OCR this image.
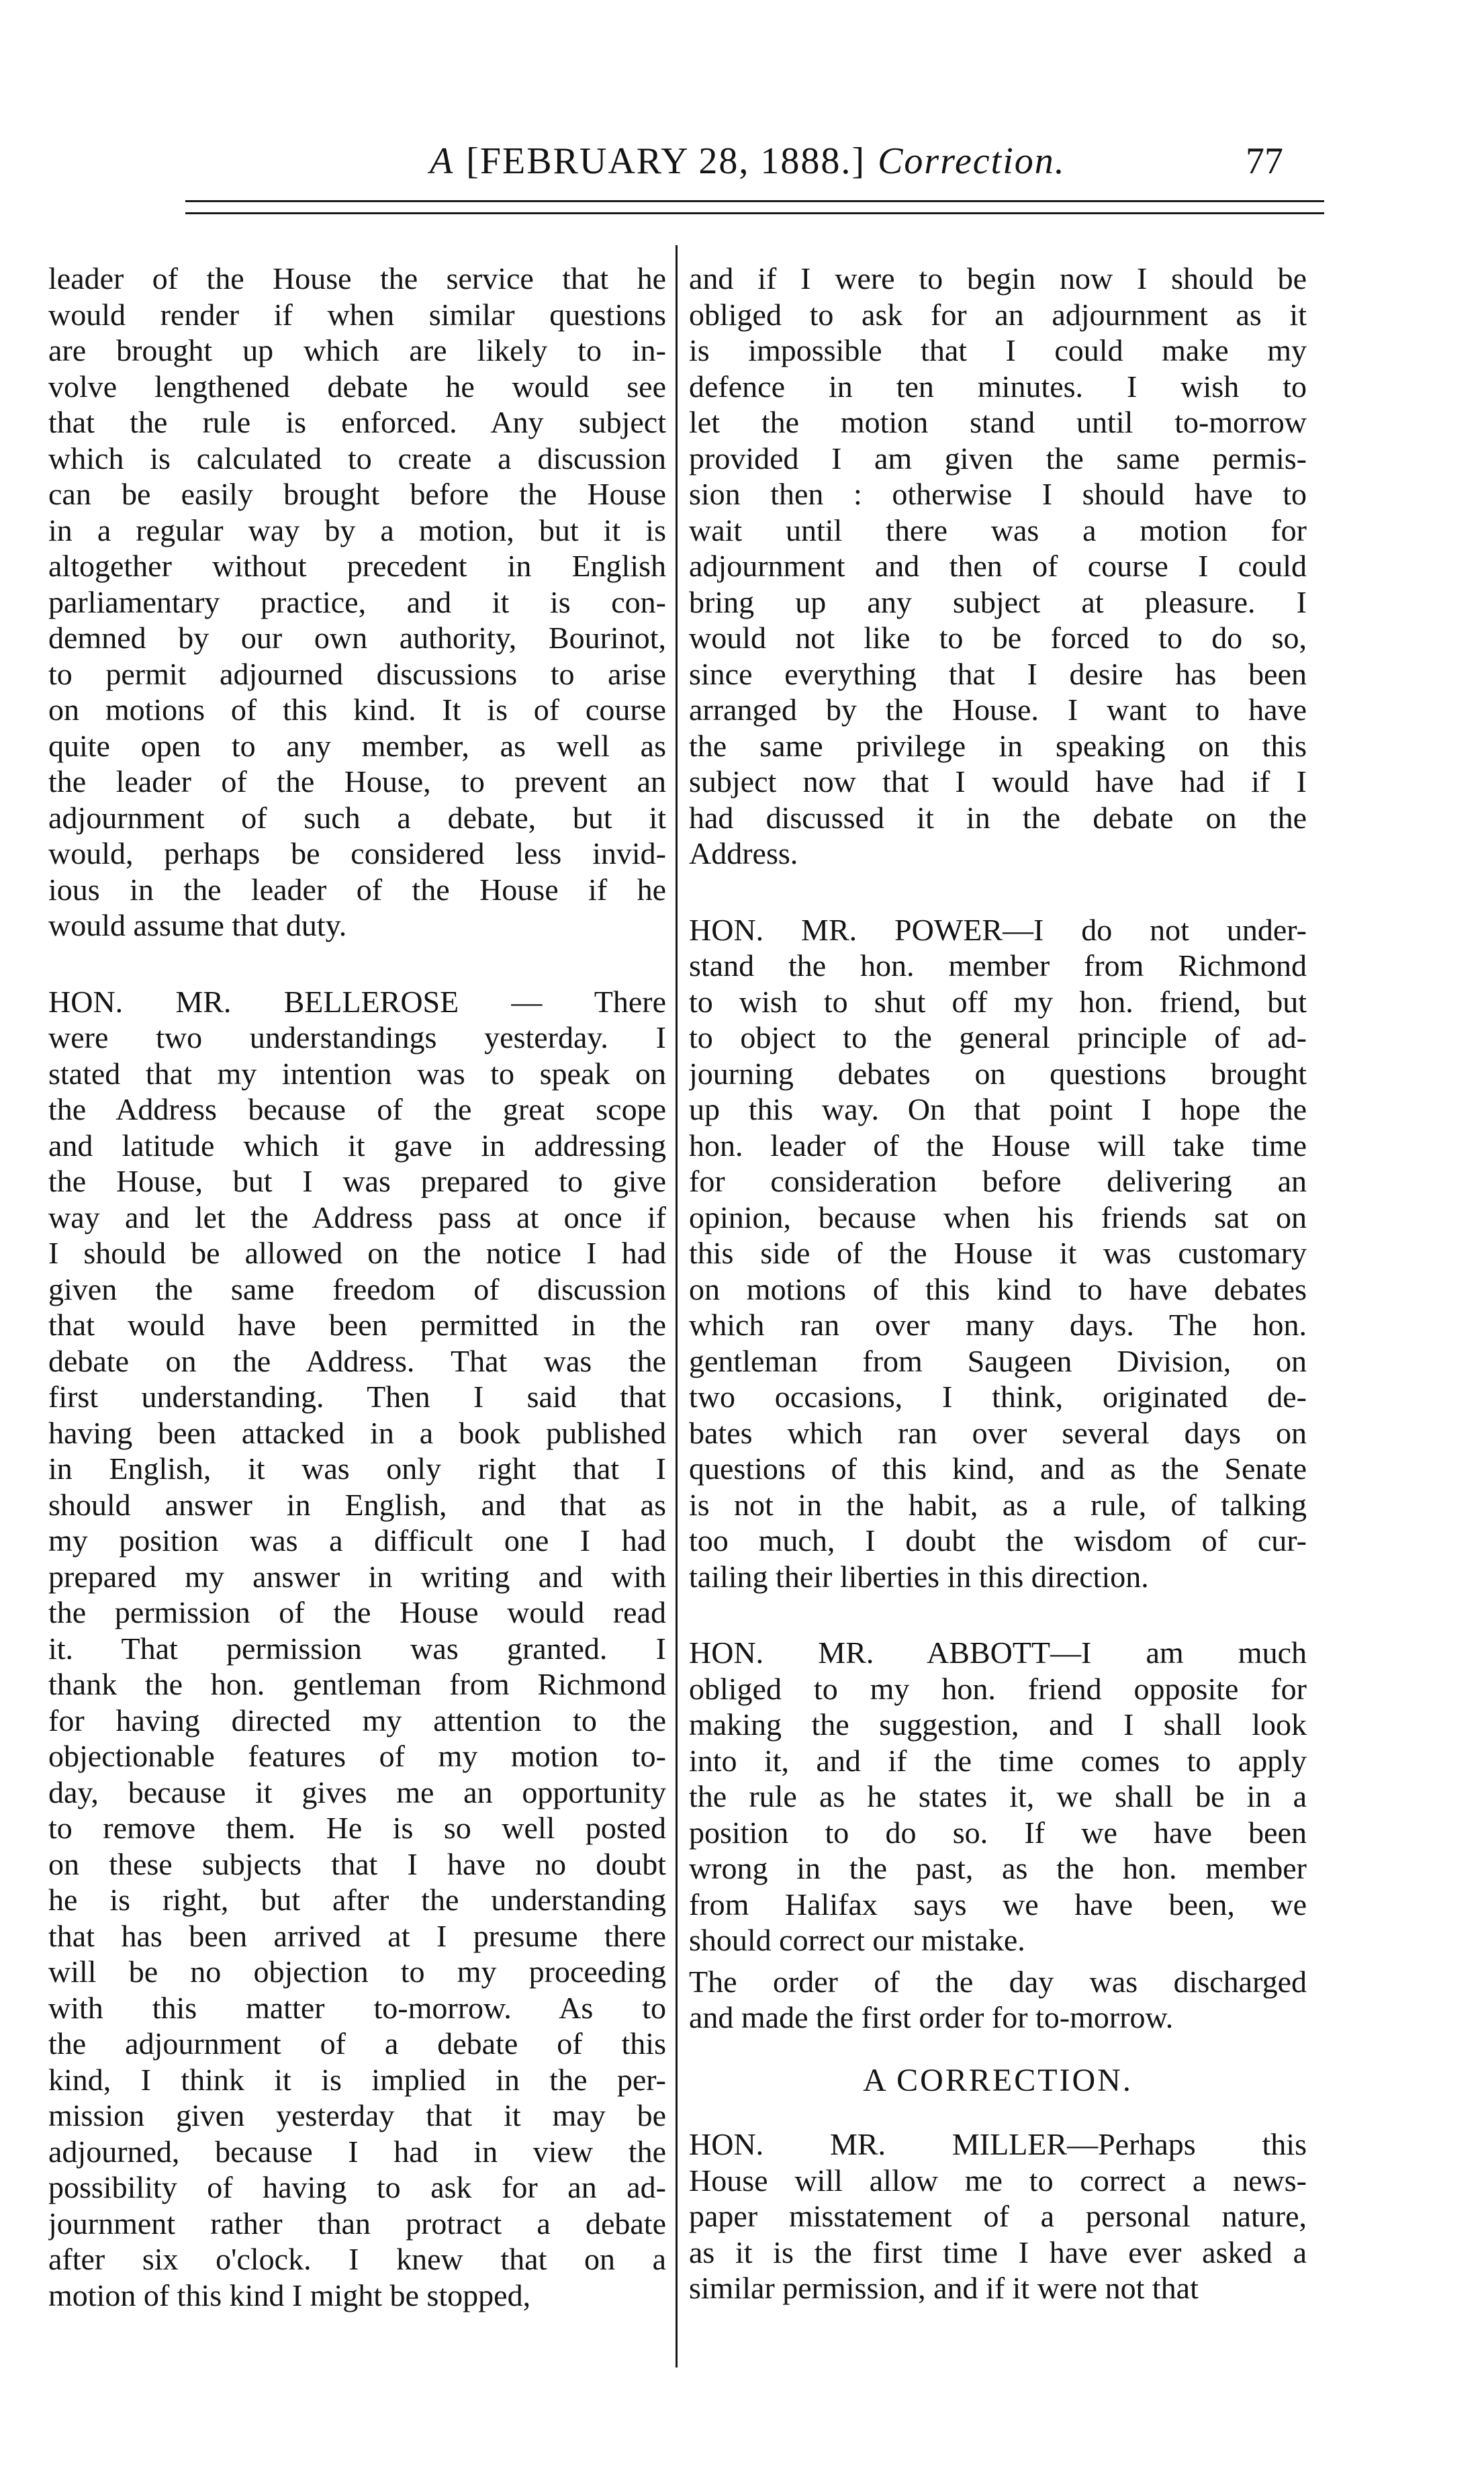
A [FEBRUARY 28, 1888.] Correction.	77
leader of the House the service that he
would render if when similar questions
are brought up which are likely to in-
volve lengthened debate he would see
that the rule is enforced. Any subject
which is calculated to create a discussion
can be easily brought before the House
in a regular way by a motion, but it is
altogether without precedent in English
parliamentary practice, and it is con-
demned by our own authority, Bourinot,
to permit adjourned discussions to arise
on motions of this kind. It is of course
quite open to any member, as well as
the leader of the House, to prevent an
adjournment of such a debate, but it
would, perhaps be considered less invid-
ious in the leader of the House if he
would assume that duty.
HON. MR. BELLEROSE — There
were two understandings yesterday. I
stated that my intention was to speak on
the Address because of the great scope
and latitude which it gave in addressing
the House, but I was prepared to give
way and let the Address pass at once if
I should be allowed on the notice I had
given the same freedom of discussion
that would have been permitted in the
debate on the Address. That was the
first understanding. Then I said that
having been attacked in a book published
in English, it was only right that I
should answer in English, and that as
my position was a difficult one I had
prepared my answer in writing and with
the permission of the House would read
it. That permission was granted. I
thank the hon. gentleman from Richmond
for having directed my attention to the
objectionable features of my motion to-
day, because it gives me an opportunity
to remove them. He is so well posted
on these subjects that I have no doubt
he is right, but after the understanding
that has been arrived at I presume there
will be no objection to my proceeding
with this matter to-morrow. As to
the adjournment of a debate of this
kind, I think it is implied in the per-
mission given yesterday that it may be
adjourned, because I had in view the
possibility of having to ask for an ad-
journment rather than protract a debate
after six o'clock. I knew that on a
motion of this kind I might be stopped,
and if I were to begin now I should be
obliged to ask for an adjournment as it
is impossible that I could make my
defence in ten minutes. I wish to
let the motion stand until to-morrow
provided I am given the same permis-
sion then : otherwise I should have to
wait until there was a motion for
adjournment and then of course I could
bring up any subject at pleasure. I
would not like to be forced to do so,
since everything that I desire has been
arranged by the House. I want to have
the same privilege in speaking on this
subject now that I would have had if I
had discussed it in the debate on the
Address.
HON. MR. POWER—I do not under-
stand the hon. member from Richmond
to wish to shut off my hon. friend, but
to object to the general principle of ad-
journing debates on questions brought
up this way. On that point I hope the
hon. leader of the House will take time
for consideration before delivering an
opinion, because when his friends sat on
this side of the House it was customary
on motions of this kind to have debates
which ran over many days. The hon.
gentleman from Saugeen Division, on
two occasions, I think, originated de-
bates which ran over several days on
questions of this kind, and as the Senate
is not in the habit, as a rule, of talking
too much, I doubt the wisdom of cur-
tailing their liberties in this direction.
HON. MR. ABBOTT—I am much
obliged to my hon. friend opposite for
making the suggestion, and I shall look
into it, and if the time comes to apply
the rule as he states it, we shall be in a
position to do so. If we have been
wrong in the past, as the hon. member
from Halifax says we have been, we
should correct our mistake.
The order of the day was discharged
and made the first order for to-morrow.
A CORRECTION.
HON. MR. MILLER—Perhaps this
House will allow me to correct a news-
paper misstatement of a personal nature,
as it is the first time I have ever asked a
similar permission, and if it were not that
